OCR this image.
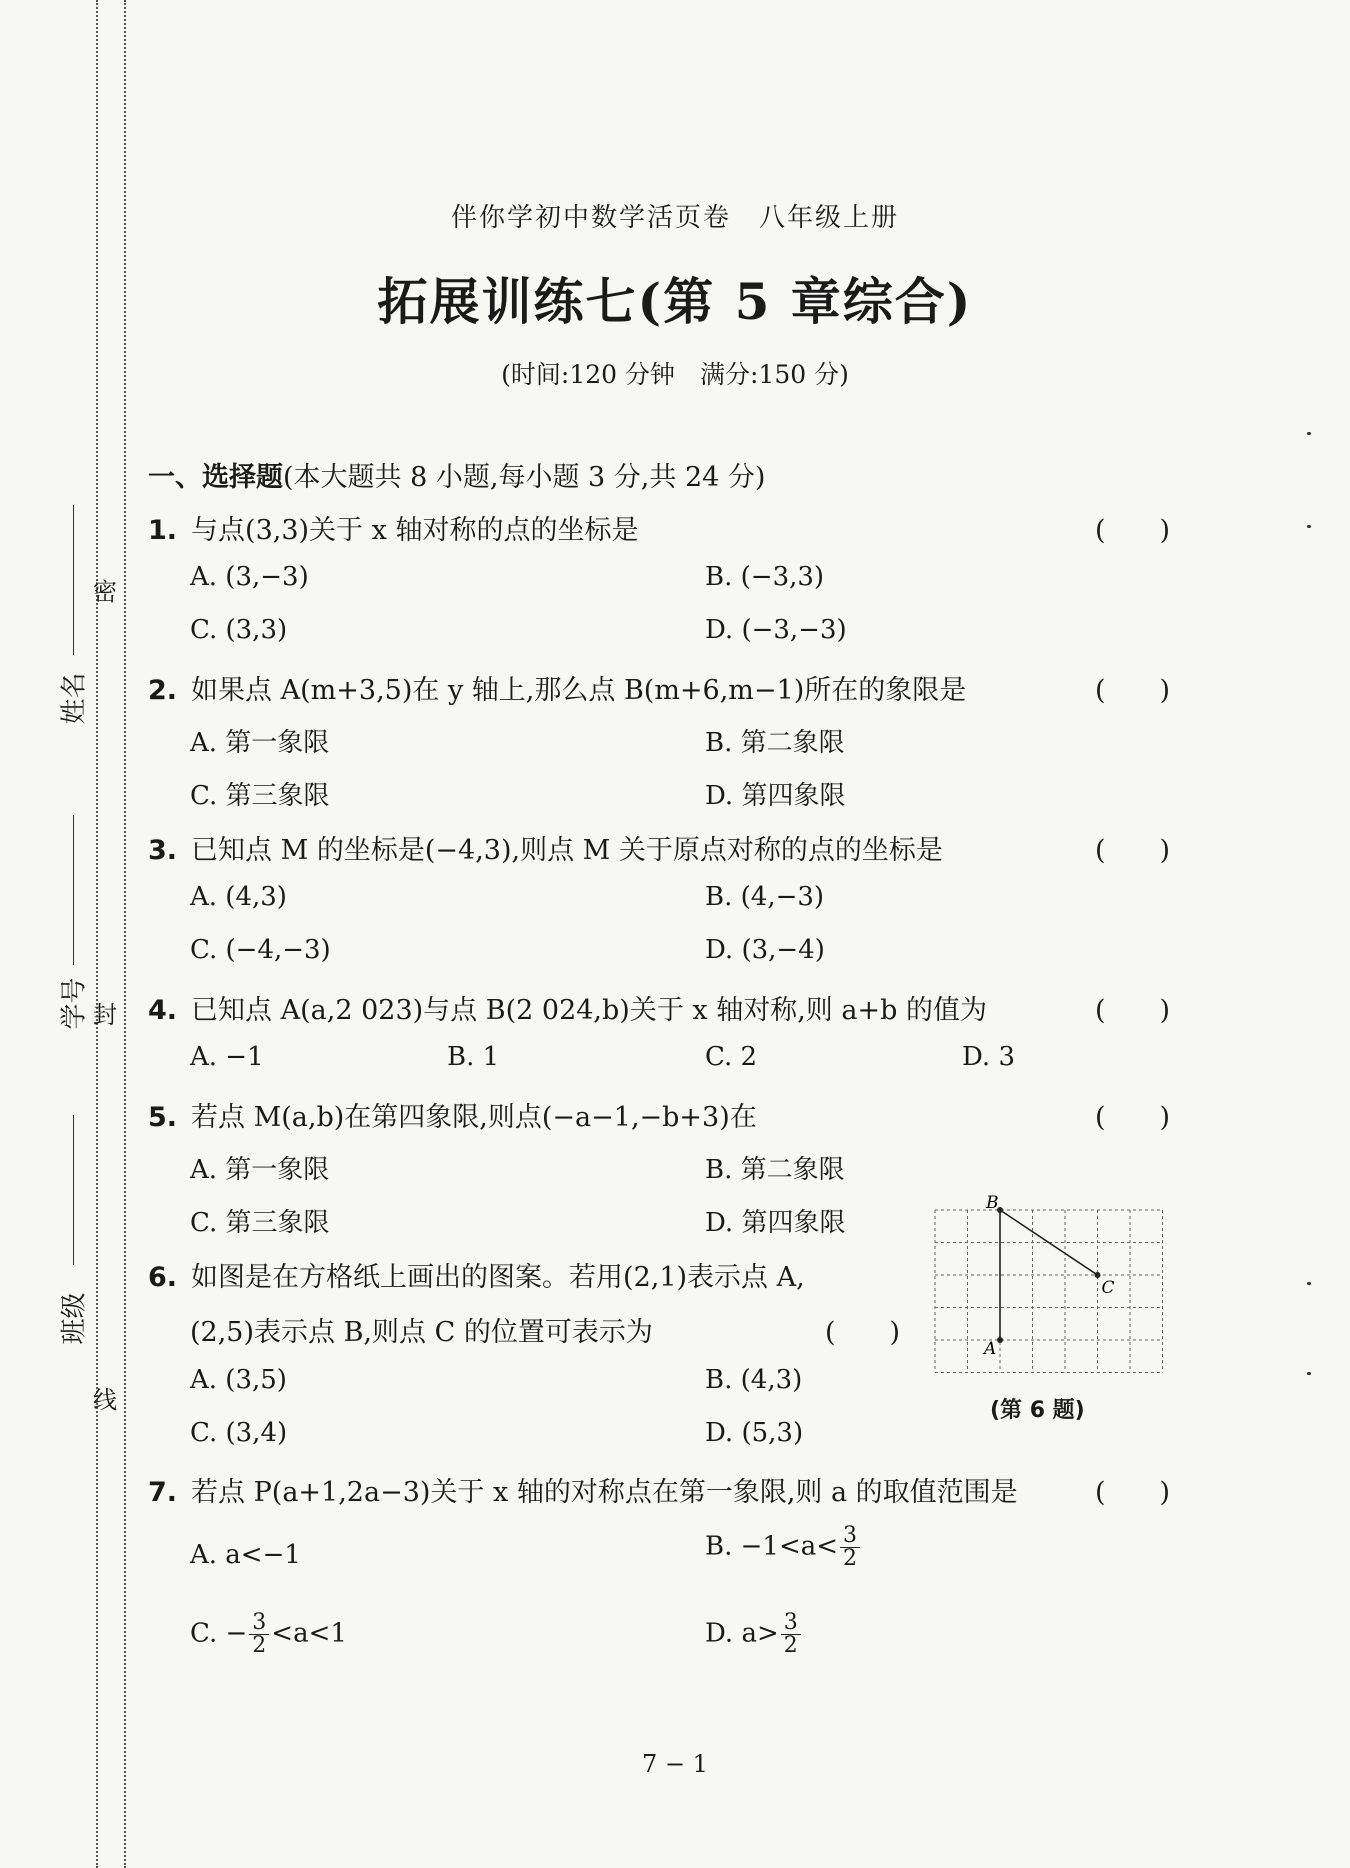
姓名
学号
班级
密
封
线
伴你学初中数学活页卷　八年级上册
拓展训练七(第 5 章综合)
(时间:120 分钟　满分:150 分)
一、选择题(本大题共 8 小题,每小题 3 分,共 24 分)
1. 与点(3,3)关于 x 轴对称的点的坐标是	(　　)
A. (3,−3)	B. (−3,3)
C. (3,3)	D. (−3,−3)
2. 如果点 A(m+3,5)在 y 轴上,那么点 B(m+6,m−1)所在的象限是	(　　)
A. 第一象限	B. 第二象限
C. 第三象限	D. 第四象限
3. 已知点 M 的坐标是(−4,3),则点 M 关于原点对称的点的坐标是	(　　)
A. (4,3)	B. (4,−3)
C. (−4,−3)	D. (3,−4)
4. 已知点 A(a,2 023)与点 B(2 024,b)关于 x 轴对称,则 a+b 的值为	(　　)
A. −1	B. 1	C. 2	D. 3
5. 若点 M(a,b)在第四象限,则点(−a−1,−b+3)在	(　　)
A. 第一象限	B. 第二象限
C. 第三象限	D. 第四象限
6. 如图是在方格纸上画出的图案。若用(2,1)表示点 A,
(2,5)表示点 B,则点 C 的位置可表示为	(　　)
A. (3,5)	B. (4,3)
C. (3,4)	D. (5,3)
A
B
C
(第 6 题)
7. 若点 P(a+1,2a−3)关于 x 轴的对称点在第一象限,则 a 的取值范围是	(　　)
A. a<−1	B. $-1<a< \frac{3}{2}$
C. − $\frac{3}{2} <a<1$	D. $a> \frac{3}{2}$
7 − 1
